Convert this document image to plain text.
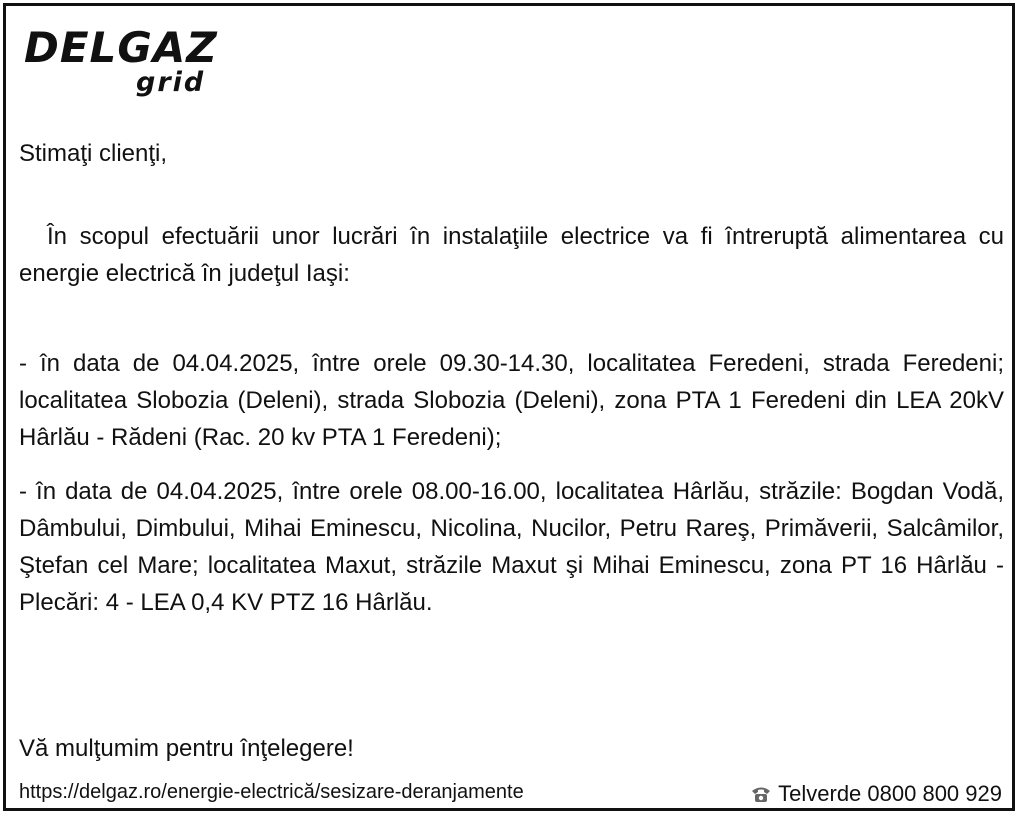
DELGAZ
grid

Stimaţi clienţi,

În scopul efectuării unor lucrări în instalaţiile electrice va fi întreruptă alimentarea cu energie electrică în judeţul Iaşi:

- în data de 04.04.2025, între orele 09.30-14.30, localitatea Feredeni, strada Feredeni; localitatea Slobozia (Deleni), strada Slobozia (Deleni), zona PTA 1 Feredeni din LEA 20kV Hârlău - Rădeni (Rac. 20 kv PTA 1 Feredeni);

- în data de 04.04.2025, între orele 08.00-16.00, localitatea Hârlău, străzile: Bogdan Vodă, Dâmbului, Dimbului, Mihai Eminescu, Nicolina, Nucilor, Petru Rareş, Primăverii, Salcâmilor, Ştefan cel Mare; localitatea Maxut, străzile Maxut şi Mihai Eminescu, zona PT 16 Hârlău - Plecări: 4 - LEA 0,4 KV PTZ 16 Hârlău.

Vă mulţumim pentru înţelegere!

https://delgaz.ro/energie-electrică/sesizare-deranjamente	Telverde 0800 800 929
